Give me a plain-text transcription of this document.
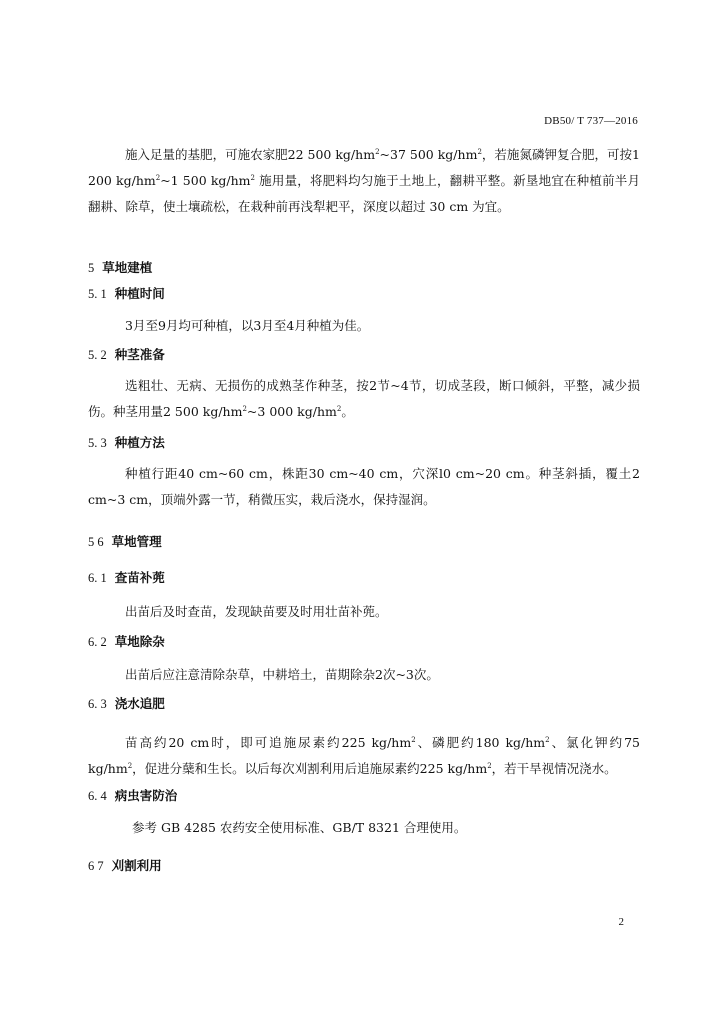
DB50/ T 737—2016
施入足量的基肥，可施农家肥22 500 $kg/hm^2\sim 37$ 500 $kg/hm^2$，若施氮磷钾复合肥，可按1 200 $kg/hm^2\sim 1$ 500 $kg/hm^2$ 施用量，将肥料均匀施于土地上，翻耕平整。新垦地宜在种植前半月翻耕、除草，使土壤疏松，在栽种前再浅犁耙平，深度以超过 30 cm 为宜。
5 草地建植
5. 1 种植时间
3月至9月均可种植，以3月至4月种植为佳。
5. 2 种茎准备
选粗壮、无病、无损伤的成熟茎作种茎，按2节~4节，切成茎段，断口倾斜，平整，减少损伤。种茎用量2 500 $kg/hm^2\sim 3$ 000 $kg/hm^2$。
5. 3 种植方法
种植行距40 cm~60 cm，株距30 cm~40 cm，穴深l0 cm~20 cm。种茎斜插，覆土2 cm~3 cm，顶端外露一节，稍微压实，栽后浇水，保持湿润。
5 6 草地管理
6. 1 查苗补蔸
出苗后及时查苗，发现缺苗要及时用壮苗补蔸。
6. 2 草地除杂
出苗后应注意清除杂草，中耕培土，苗期除杂2次~3次。
6. 3 浇水追肥
苗高约20 cm时，即可追施尿素约225 $kg/hm^2$、磷肥约180 $kg/hm^2$、氯化钾约75 $kg/hm^2$，促进分蘖和生长。以后每次刈割利用后追施尿素约225 $kg/hm^2$，若干旱视情况浇水。
6. 4 病虫害防治
参考 GB 4285 农药安全使用标准、GB/T 8321 合理使用。
6 7 刈割利用
2
